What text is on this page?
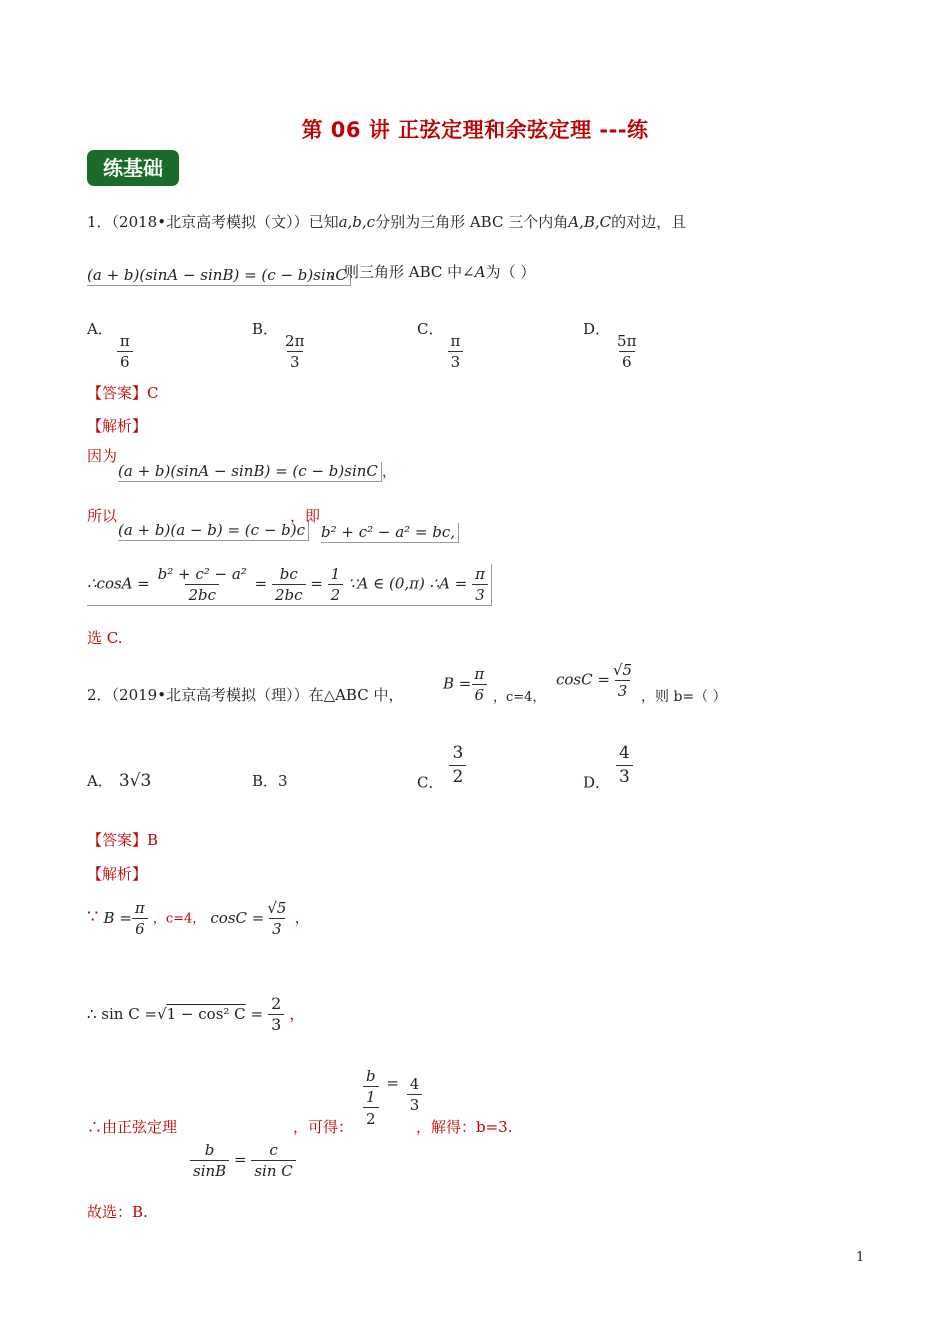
第 06 讲 正弦定理和余弦定理 ---练
练基础
1．（2018•北京高考模拟（文））已知a,b,c分别为三角形 ABC 三个内角A,B,C的对边，且
(a + b)(sinA − sinB) = (c − b)sinC
，则三角形 ABC 中∠A为（ ）
A．
$\frac{\pi}{6}$
B．
$\frac{2\pi}{3}$
C．
$\frac{\pi}{3}$
D．
$\frac{5\pi}{6}$
【答案】C
【解析】
因为
(a + b)(sinA − sinB) = (c − b)sinC ，
所以
(a + b)(a − b) = (c − b)c
，即
b² + c² − a² = bc,
∴cosA = $\frac{\text{b² + c² − a²}}{2bc} = \frac{bc}{2bc} = \frac{1}{2}$ ∵A ∈ (0,π) ∴A = $\frac{\pi}{3}$
选 C.
2．（2019•北京高考模拟（理））在△ABC 中，
$B = \frac{\pi}{6}$ ，c=4，
$\cos C = \frac{√5}{3}$ ，则 b=（ ）
A． 3√3	B．3	C． $\frac{3}{2}$	D． $\frac{4}{3}$
【答案】B
【解析】
∵ $B = \frac{\pi}{6}$ ，c=4， $\cos C = \frac{√5}{3}$ ，
∴ sin C =√1 − cos² $C = \frac{2}{3}$ ，
∴由正弦定理
$\frac{b}{\sin B} = \frac{c}{\text{sin C}}$
，可得： $\frac{\frac{b}{1}}{2} = \frac{4}{3}$
，解得：b=3.
故选：B.
1
